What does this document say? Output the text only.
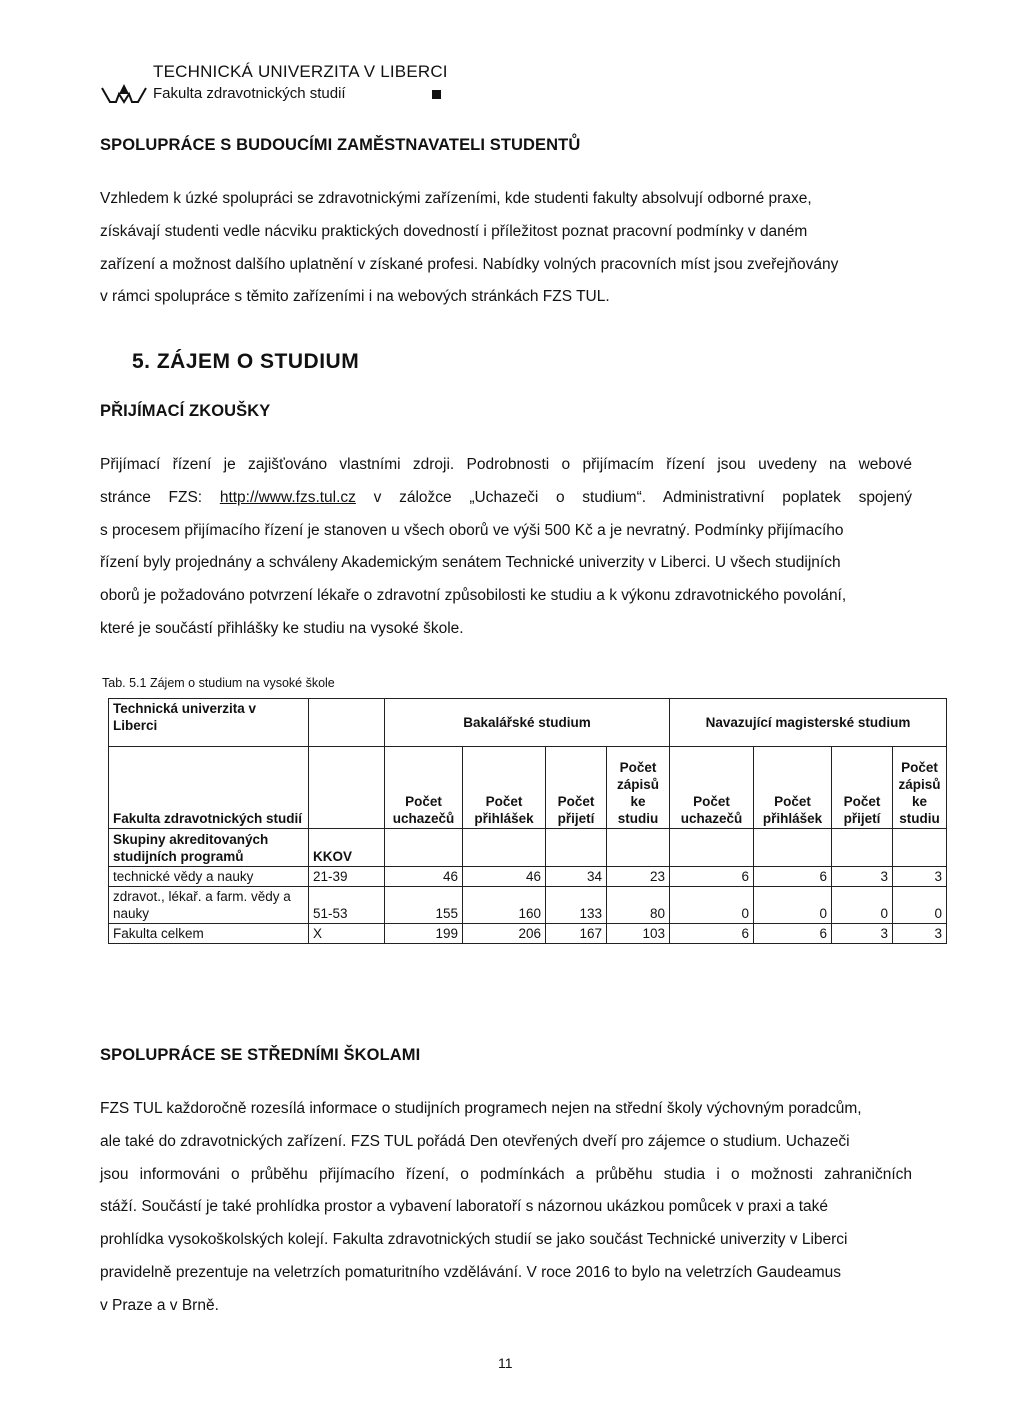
TECHNICKÁ UNIVERZITA V LIBERCI
Fakulta zdravotnických studií
SPOLUPRÁCE S BUDOUCÍMI ZAMĚSTNAVATELI STUDENTŮ
Vzhledem k úzké spolupráci se zdravotnickými zařízeními, kde studenti fakulty absolvují odborné praxe,
získávají studenti vedle nácviku praktických dovedností i příležitost poznat pracovní podmínky v daném
zařízení a možnost dalšího uplatnění v získané profesi. Nabídky volných pracovních míst jsou zveřejňovány
v rámci spolupráce s těmito zařízeními i na webových stránkách FZS TUL.
5. ZÁJEM O STUDIUM
PŘIJÍMACÍ ZKOUŠKY
Přijímací řízení je zajišťováno vlastními zdroji. Podrobnosti o přijímacím řízení jsou uvedeny na webové
stránce FZS: http://www.fzs.tul.cz v záložce „Uchazeči o studium“. Administrativní poplatek spojený
s procesem přijímacího řízení je stanoven u všech oborů ve výši 500 Kč a je nevratný. Podmínky přijímacího
řízení byly projednány a schváleny Akademickým senátem Technické univerzity v Liberci. U všech studijních
oborů je požadováno potvrzení lékaře o zdravotní způsobilosti ke studiu a k výkonu zdravotnického povolání,
které je součástí přihlášky ke studiu na vysoké škole.
Tab. 5.1 Zájem o studium na vysoké škole
Technická univerzita v Liberci		Bakalářské studium				Navazující magisterské studium			
Fakulta zdravotnických studií		Počet uchazečů	Počet přihlášek	Počet přijetí	Počet zápisů ke studiu	Počet uchazečů	Počet přihlášek	Počet přijetí	Počet zápisů ke studiu
Skupiny akreditovaných studijních programů	KKOV								
technické vědy a nauky	21-39	46	46	34	23	6	6	3	3
zdravot., lékař. a farm. vědy a nauky	51-53	155	160	133	80	0	0	0	0
Fakulta celkem	X	199	206	167	103	6	6	3	3
SPOLUPRÁCE SE STŘEDNÍMI ŠKOLAMI
FZS TUL každoročně rozesílá informace o studijních programech nejen na střední školy výchovným poradcům,
ale také do zdravotnických zařízení. FZS TUL pořádá Den otevřených dveří pro zájemce o studium. Uchazeči
jsou informováni o průběhu přijímacího řízení, o podmínkách a průběhu studia i o možnosti zahraničních
stáží. Součástí je také prohlídka prostor a vybavení laboratoří s názornou ukázkou pomůcek v praxi a také
prohlídka vysokoškolských kolejí. Fakulta zdravotnických studií se jako součást Technické univerzity v Liberci
pravidelně prezentuje na veletrzích pomaturitního vzdělávání. V roce 2016 to bylo na veletrzích Gaudeamus
v Praze a v Brně.
11
